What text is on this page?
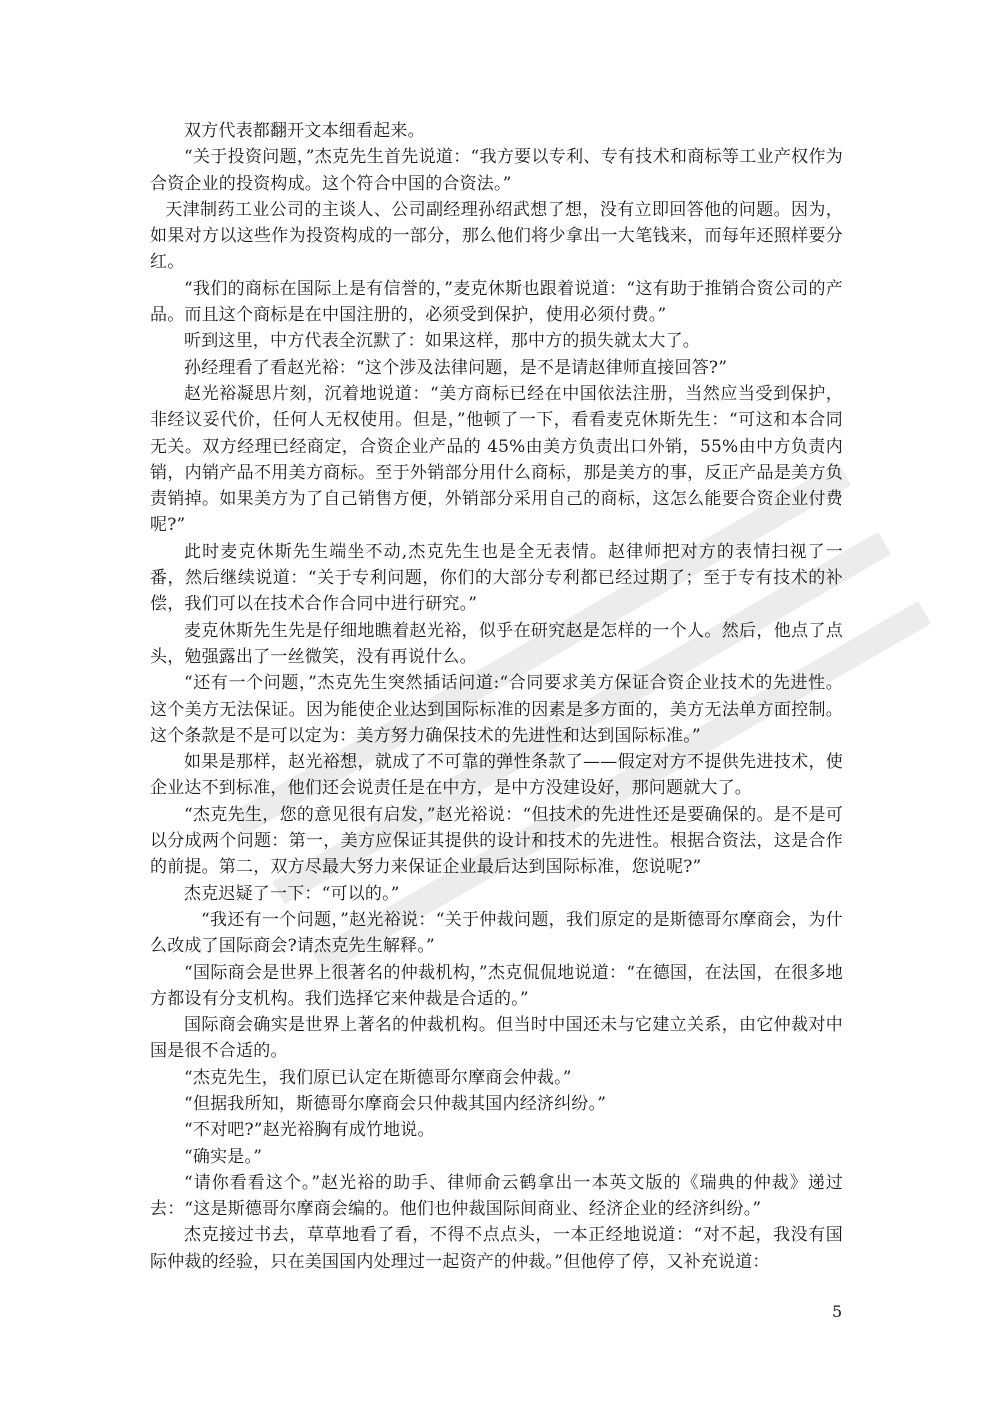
双方代表都翻开文本细看起来。

“关于投资问题，”杰克先生首先说道：“我方要以专利、专有技术和商标等工业产权作为合资企业的投资构成。这个符合中国的合资法。”

天津制药工业公司的主谈人、公司副经理孙绍武想了想，没有立即回答他的问题。因为，如果对方以这些作为投资构成的一部分，那么他们将少拿出一大笔钱来，而每年还照样要分红。

“我们的商标在国际上是有信誉的，”麦克休斯也跟着说道：“这有助于推销合资公司的产品。而且这个商标是在中国注册的，必须受到保护，使用必须付费。”

听到这里，中方代表全沉默了：如果这样，那中方的损失就太大了。

孙经理看了看赵光裕：“这个涉及法律问题，是不是请赵律师直接回答?”

赵光裕凝思片刻，沉着地说道：“美方商标已经在中国依法注册，当然应当受到保护，非经议妥代价，任何人无权使用。但是，”他顿了一下，看看麦克休斯先生：“可这和本合同无关。双方经理已经商定，合资企业产品的 45%由美方负责出口外销，55%由中方负责内销，内销产品不用美方商标。至于外销部分用什么商标，那是美方的事，反正产品是美方负责销掉。如果美方为了自己销售方便，外销部分采用自己的商标，这怎么能要合资企业付费呢?”

此时麦克休斯先生端坐不动,杰克先生也是全无表情。赵律师把对方的表情扫视了一番，然后继续说道：“关于专利问题，你们的大部分专利都已经过期了；至于专有技术的补偿，我们可以在技术合作合同中进行研究。”

麦克休斯先生先是仔细地瞧着赵光裕，似乎在研究赵是怎样的一个人。然后，他点了点头，勉强露出了一丝微笑，没有再说什么。

“还有一个问题，”杰克先生突然插话问道:“合同要求美方保证合资企业技术的先进性。这个美方无法保证。因为能使企业达到国际标准的因素是多方面的，美方无法单方面控制。这个条款是不是可以定为：美方努力确保技术的先进性和达到国际标准。”

如果是那样，赵光裕想，就成了不可靠的弹性条款了——假定对方不提供先进技术，使企业达不到标准，他们还会说责任是在中方，是中方没建设好，那问题就大了。

“杰克先生，您的意见很有启发，”赵光裕说：“但技术的先进性还是要确保的。是不是可以分成两个问题：第一，美方应保证其提供的设计和技术的先进性。根据合资法，这是合作的前提。第二，双方尽最大努力来保证企业最后达到国际标准，您说呢?”

杰克迟疑了一下：“可以的。”

“我还有一个问题，”赵光裕说：“关于仲裁问题，我们原定的是斯德哥尔摩商会，为什么改成了国际商会?请杰克先生解释。”

“国际商会是世界上很著名的仲裁机构，”杰克侃侃地说道：“在德国，在法国，在很多地方都设有分支机构。我们选择它来仲裁是合适的。”

国际商会确实是世界上著名的仲裁机构。但当时中国还未与它建立关系，由它仲裁对中国是很不合适的。

“杰克先生，我们原已认定在斯德哥尔摩商会仲裁。”

“但据我所知，斯德哥尔摩商会只仲裁其国内经济纠纷。”

“不对吧?”赵光裕胸有成竹地说。

“确实是。”

“请你看看这个。”赵光裕的助手、律师俞云鹤拿出一本英文版的《瑞典的仲裁》递过去：“这是斯德哥尔摩商会编的。他们也仲裁国际间商业、经济企业的经济纠纷。”

杰克接过书去，草草地看了看，不得不点点头，一本正经地说道：“对不起，我没有国际仲裁的经验，只在美国国内处理过一起资产的仲裁。”但他停了停，又补充说道：

5
